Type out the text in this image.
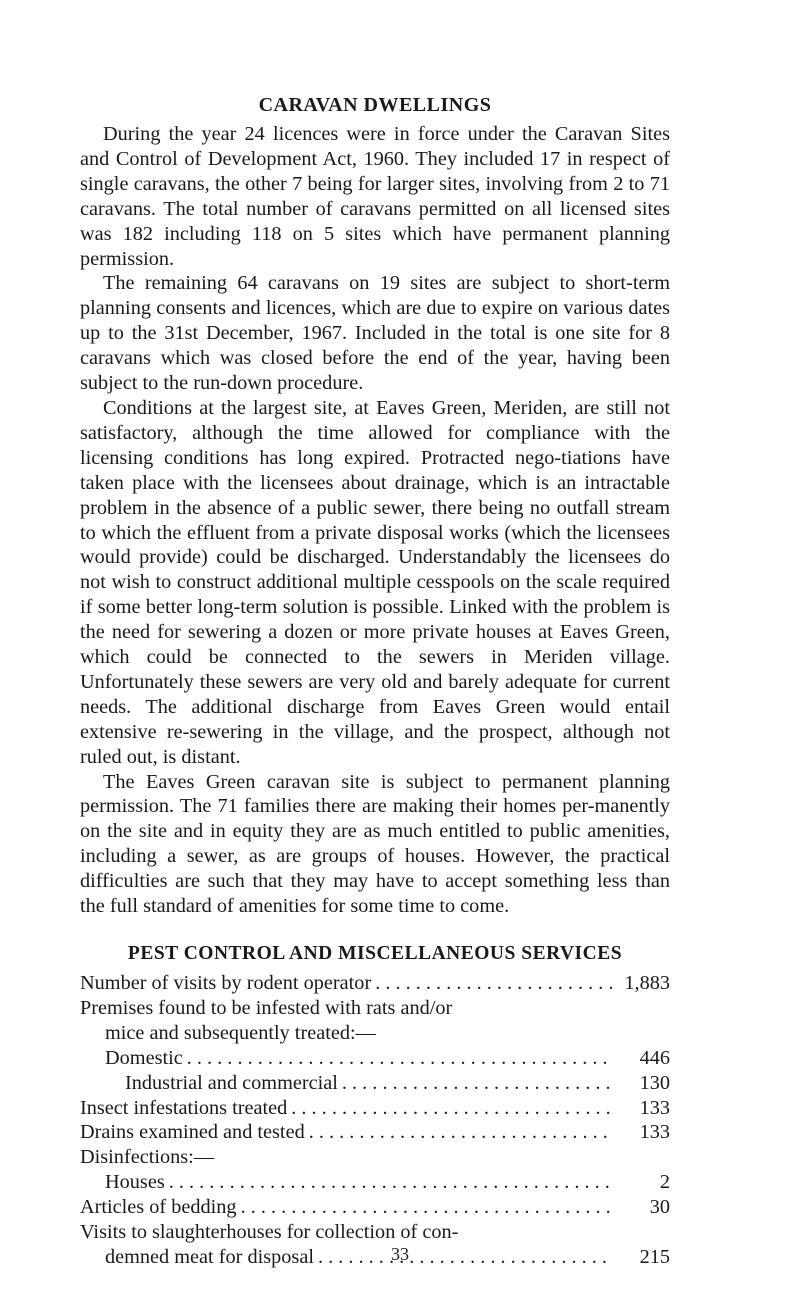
CARAVAN DWELLINGS

During the year 24 licences were in force under the Caravan Sites and Control of Development Act, 1960. They included 17 in respect of single caravans, the other 7 being for larger sites, involving from 2 to 71 caravans. The total number of caravans permitted on all licensed sites was 182 including 118 on 5 sites which have permanent planning permission.

The remaining 64 caravans on 19 sites are subject to short-term planning consents and licences, which are due to expire on various dates up to the 31st December, 1967. Included in the total is one site for 8 caravans which was closed before the end of the year, having been subject to the run-down procedure.

Conditions at the largest site, at Eaves Green, Meriden, are still not satisfactory, although the time allowed for compliance with the licensing conditions has long expired. Protracted nego-tiations have taken place with the licensees about drainage, which is an intractable problem in the absence of a public sewer, there being no outfall stream to which the effluent from a private disposal works (which the licensees would provide) could be discharged. Understandably the licensees do not wish to construct additional multiple cesspools on the scale required if some better long-term solution is possible. Linked with the problem is the need for sewering a dozen or more private houses at Eaves Green, which could be connected to the sewers in Meriden village. Unfortunately these sewers are very old and barely adequate for current needs. The additional discharge from Eaves Green would entail extensive re-sewering in the village, and the prospect, although not ruled out, is distant.

The Eaves Green caravan site is subject to permanent planning permission. The 71 families there are making their homes per-manently on the site and in equity they are as much entitled to public amenities, including a sewer, as are groups of houses. However, the practical difficulties are such that they may have to accept something less than the full standard of amenities for some time to come.

PEST CONTROL AND MISCELLANEOUS SERVICES
Number of visits by rodent operator . . .	1,883
Premises found to be infested with rats and/or
mice and subsequently treated:—
Domestic . . .	446
Industrial and commercial . . .	130
Insect infestations treated . . .	133
Drains examined and tested . . .	133
Disinfections:—
Houses . . .	2
Articles of bedding . . .	30
Visits to slaughterhouses for collection of con-
demned meat for disposal . . .	215
33
